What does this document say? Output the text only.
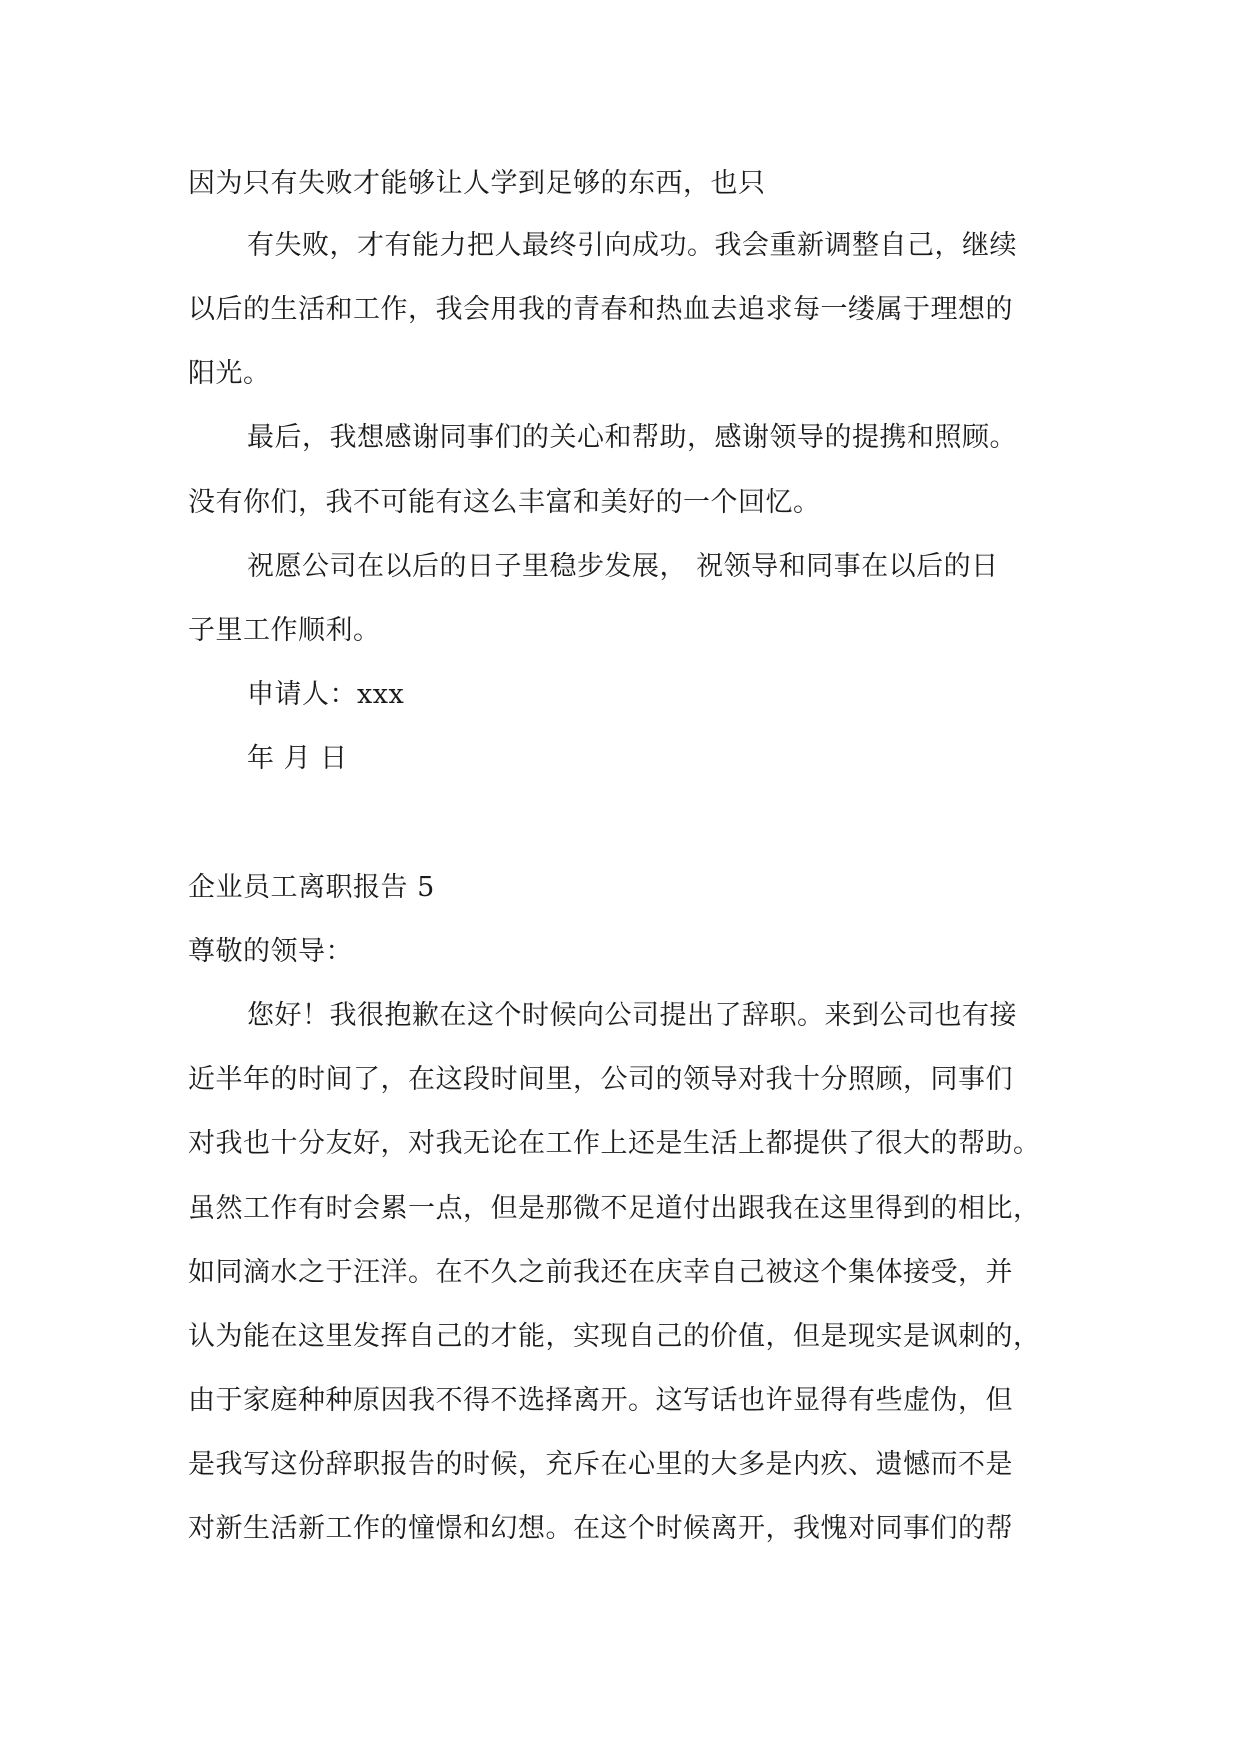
因为只有失败才能够让人学到足够的东西，也只
有失败，才有能力把人最终引向成功。我会重新调整自己，继续
以后的生活和工作，我会用我的青春和热血去追求每一缕属于理想的
阳光。
最后，我想感谢同事们的关心和帮助，感谢领导的提携和照顾。
没有你们，我不可能有这么丰富和美好的一个回忆。
祝愿公司在以后的日子里稳步发展， 祝领导和同事在以后的日
子里工作顺利。
申请人：xxx
年 月 日
企业员工离职报告 5
尊敬的领导：
您好！我很抱歉在这个时候向公司提出了辞职。来到公司也有接
近半年的时间了，在这段时间里，公司的领导对我十分照顾，同事们
对我也十分友好，对我无论在工作上还是生活上都提供了很大的帮助。
虽然工作有时会累一点，但是那微不足道付出跟我在这里得到的相比，
如同滴水之于汪洋。在不久之前我还在庆幸自己被这个集体接受，并
认为能在这里发挥自己的才能，实现自己的价值，但是现实是讽刺的，
由于家庭种种原因我不得不选择离开。这写话也许显得有些虚伪，但
是我写这份辞职报告的时候，充斥在心里的大多是内疚、遗憾而不是
对新生活新工作的憧憬和幻想。在这个时候离开，我愧对同事们的帮
